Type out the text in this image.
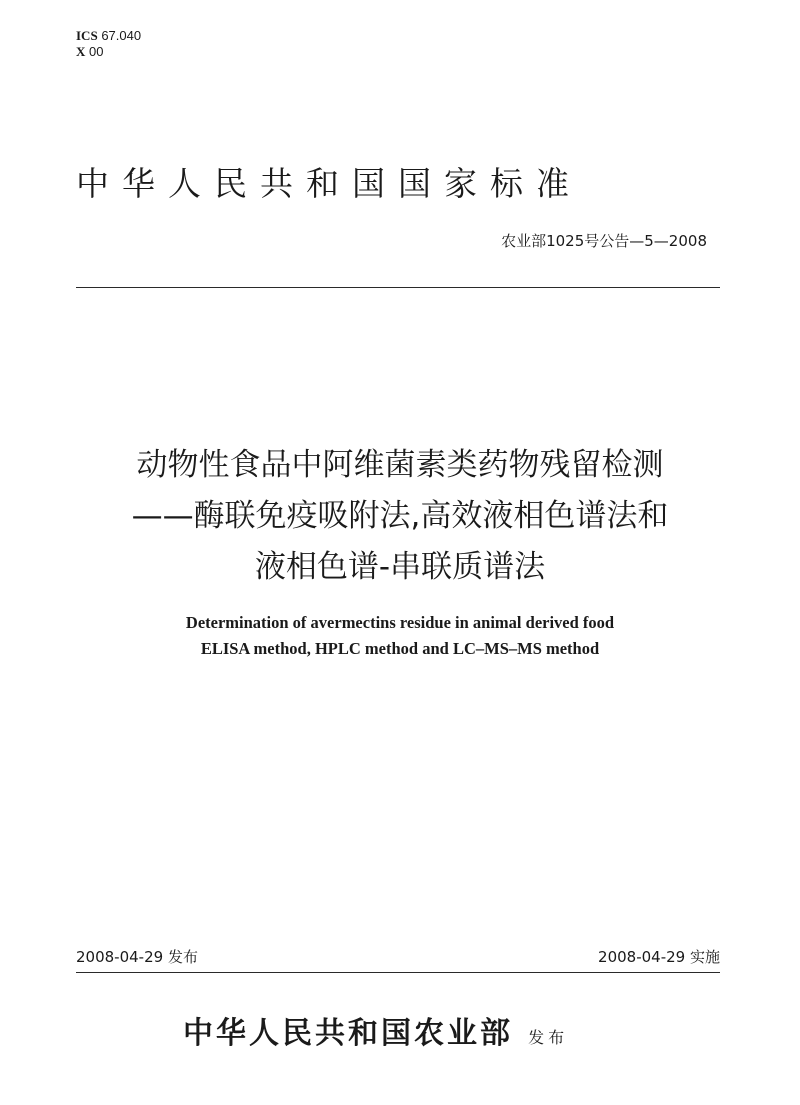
ICS 67.040
X 00
中华人民共和国国家标准
农业部1025号公告—5—2008
动物性食品中阿维菌素类药物残留检测
——酶联免疫吸附法,高效液相色谱法和
液相色谱-串联质谱法
Determination of avermectins residue in animal derived food
ELISA method, HPLC method and LC–MS–MS method
2008-04-29 发布	2008-04-29 实施
中华人民共和国农业部 发布
